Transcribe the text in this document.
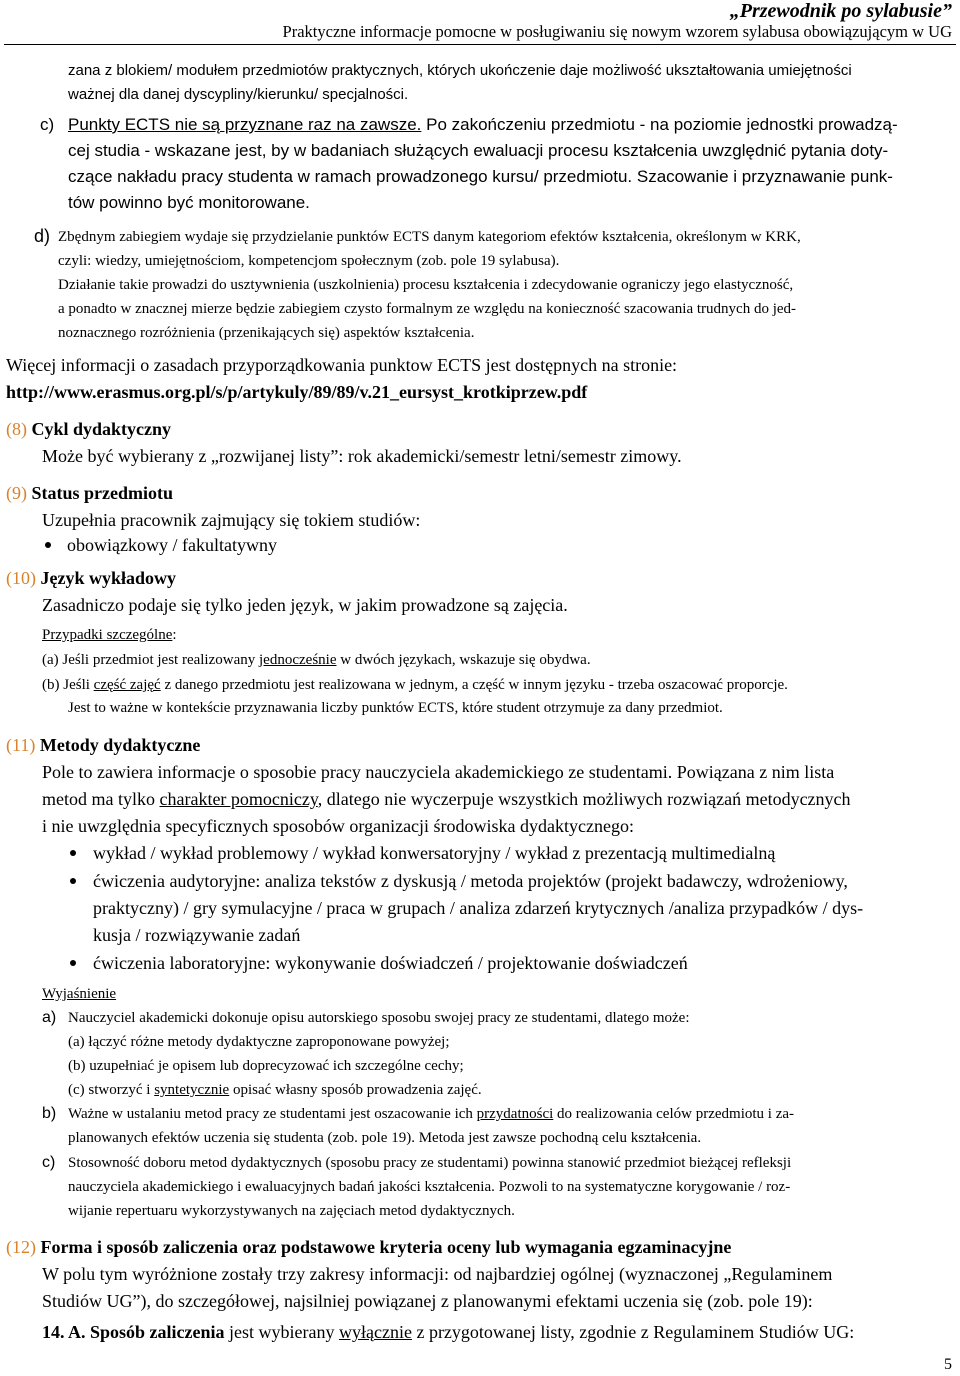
„Przewodnik po sylabusie”
Praktyczne informacje pomocne w posługiwaniu się nowym wzorem sylabusa obowiązującym w UG
zana z blokiem/ modułem przedmiotów praktycznych, których ukończenie daje możliwość ukształtowania umiejętności
ważnej dla danej dyscypliny/kierunku/ specjalności.
c) Punkty ECTS nie są przyznane raz na zawsze. Po zakończeniu przedmiotu - na poziomie jednostki prowadzą-
cej studia - wskazane jest, by w badaniach służących ewaluacji procesu kształcenia uwzględnić pytania doty-
czące nakładu pracy studenta w ramach prowadzonego kursu/ przedmiotu. Szacowanie i przyznawanie punk-
tów powinno być monitorowane.
d) Zbędnym zabiegiem wydaje się przydzielanie punktów ECTS danym kategoriom efektów kształcenia, określonym w KRK,
czyli: wiedzy, umiejętnościom, kompetencjom społecznym (zob. pole 19 sylabusa).
Działanie takie prowadzi do usztywnienia (uszkolnienia) procesu kształcenia i zdecydowanie ograniczy jego elastyczność,
a ponadto w znacznej mierze będzie zabiegiem czysto formalnym ze względu na konieczność szacowania trudnych do jed-
noznacznego rozróżnienia (przenikających się) aspektów kształcenia.
Więcej informacji o zasadach przyporządkowania punktow ECTS jest dostępnych na stronie:
http://www.erasmus.org.pl/s/p/artykuly/89/89/v.21_eursyst_krotkiprzew.pdf
(8) Cykl dydaktyczny
Może być wybierany z „rozwijanej listy”: rok akademicki/semestr letni/semestr zimowy.
(9) Status przedmiotu
Uzupełnia pracownik zajmujący się tokiem studiów:
obowiązkowy / fakultatywny
(10) Język wykładowy
Zasadniczo podaje się tylko jeden język, w jakim prowadzone są zajęcia.
Przypadki szczególne:
(a) Jeśli przedmiot jest realizowany jednocześnie w dwóch językach, wskazuje się obydwa.
(b) Jeśli część zajęć z danego przedmiotu jest realizowana w jednym, a część w innym języku - trzeba oszacować proporcje.
Jest to ważne w kontekście przyznawania liczby punktów ECTS, które student otrzymuje za dany przedmiot.
(11) Metody dydaktyczne
Pole to zawiera informacje o sposobie pracy nauczyciela akademickiego ze studentami. Powiązana z nim lista
metod ma tylko charakter pomocniczy, dlatego nie wyczerpuje wszystkich możliwych rozwiązań metodycznych
i nie uwzględnia specyficznych sposobów organizacji środowiska dydaktycznego:
wykład / wykład problemowy / wykład konwersatoryjny / wykład z prezentacją multimedialną
ćwiczenia audytoryjne: analiza tekstów z dyskusją / metoda projektów (projekt badawczy, wdrożeniowy,
praktyczny) / gry symulacyjne / praca w grupach / analiza zdarzeń krytycznych /analiza przypadków / dys-
kusja / rozwiązywanie zadań
ćwiczenia laboratoryjne: wykonywanie doświadczeń / projektowanie doświadczeń
Wyjaśnienie
a) Nauczyciel akademicki dokonuje opisu autorskiego sposobu swojej pracy ze studentami, dlatego może:
(a) łączyć różne metody dydaktyczne zaproponowane powyżej;
(b) uzupełniać je opisem lub doprecyzować ich szczególne cechy;
(c) stworzyć i syntetycznie opisać własny sposób prowadzenia zajęć.
b) Ważne w ustalaniu metod pracy ze studentami jest oszacowanie ich przydatności do realizowania celów przedmiotu i za-
planowanych efektów uczenia się studenta (zob. pole 19). Metoda jest zawsze pochodną celu kształcenia.
c) Stosowność doboru metod dydaktycznych (sposobu pracy ze studentami) powinna stanowić przedmiot bieżącej refleksji
nauczyciela akademickiego i ewaluacyjnych badań jakości kształcenia. Pozwoli to na systematyczne korygowanie / roz-
wijanie repertuaru wykorzystywanych na zajęciach metod dydaktycznych.
(12) Forma i sposób zaliczenia oraz podstawowe kryteria oceny lub wymagania egzaminacyjne
W polu tym wyróżnione zostały trzy zakresy informacji: od najbardziej ogólnej (wyznaczonej „Regulaminem
Studiów UG”), do szczegółowej, najsilniej powiązanej z planowanymi efektami uczenia się (zob. pole 19):
14. A. Sposób zaliczenia jest wybierany wyłącznie z przygotowanej listy, zgodnie z Regulaminem Studiów UG:
5
